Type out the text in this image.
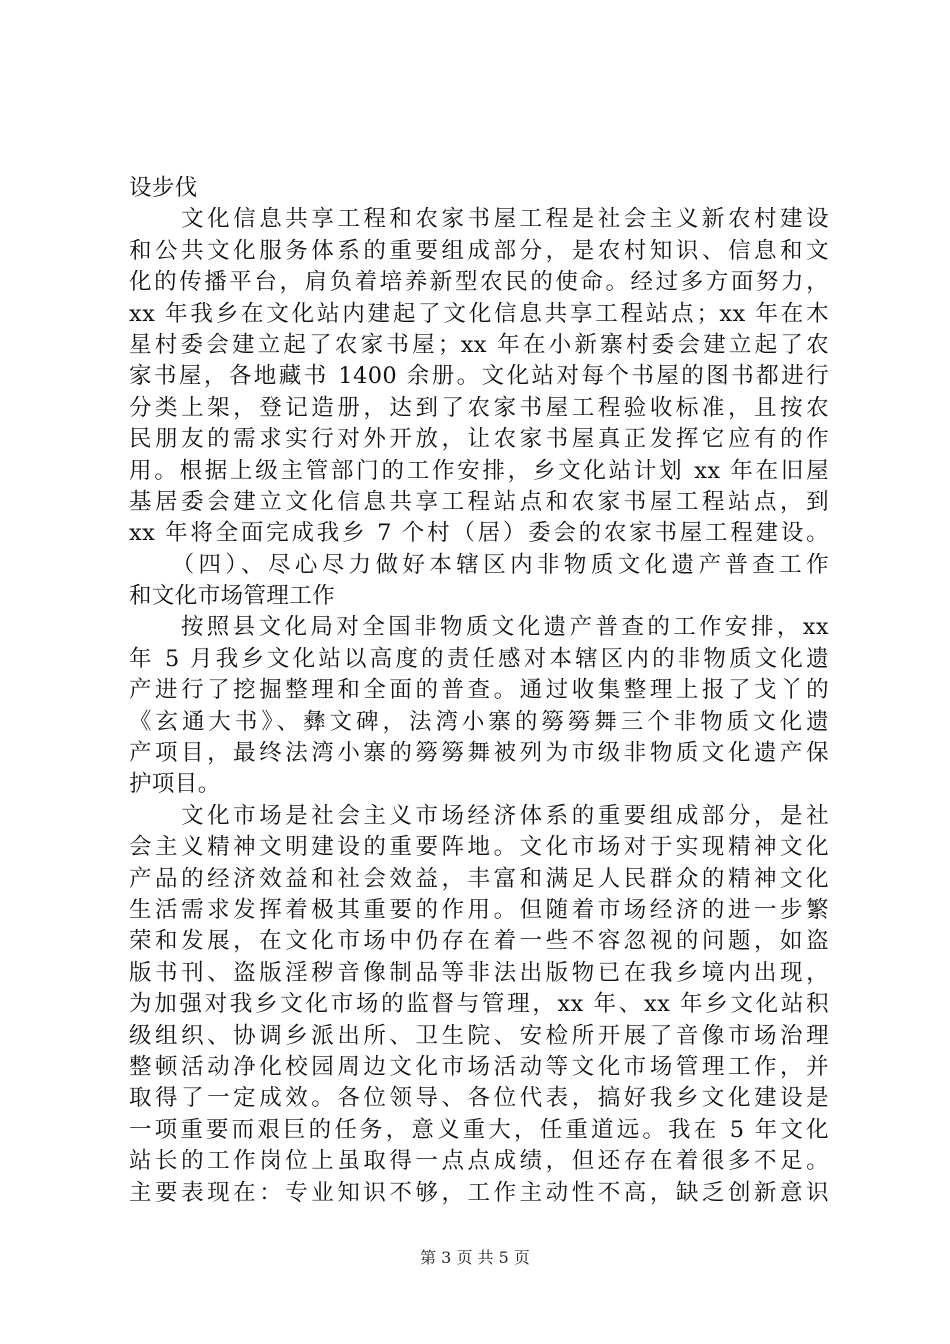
设步伐
　　文化信息共享工程和农家书屋工程是社会主义新农村建设
和公共文化服务体系的重要组成部分，是农村知识、信息和文
化的传播平台，肩负着培养新型农民的使命。经过多方面努力，
xx 年我乡在文化站内建起了文化信息共享工程站点；xx 年在木
星村委会建立起了农家书屋；xx 年在小新寨村委会建立起了农
家书屋，各地藏书 1400 余册。文化站对每个书屋的图书都进行
分类上架，登记造册，达到了农家书屋工程验收标准，且按农
民朋友的需求实行对外开放，让农家书屋真正发挥它应有的作
用。根据上级主管部门的工作安排，乡文化站计划 xx 年在旧屋
基居委会建立文化信息共享工程站点和农家书屋工程站点，到
xx 年将全面完成我乡 7 个村（居）委会的农家书屋工程建设。
　　（四）、尽心尽力做好本辖区内非物质文化遗产普查工作
和文化市场管理工作
　　按照县文化局对全国非物质文化遗产普查的工作安排，xx
年 5 月我乡文化站以高度的责任感对本辖区内的非物质文化遗
产进行了挖掘整理和全面的普查。通过收集整理上报了戈丫的
《玄通大书》、彝文碑，法湾小寨的簩簩舞三个非物质文化遗
产项目，最终法湾小寨的簩簩舞被列为市级非物质文化遗产保
护项目。
　　文化市场是社会主义市场经济体系的重要组成部分，是社
会主义精神文明建设的重要阵地。文化市场对于实现精神文化
产品的经济效益和社会效益，丰富和满足人民群众的精神文化
生活需求发挥着极其重要的作用。但随着市场经济的进一步繁
荣和发展，在文化市场中仍存在着一些不容忽视的问题，如盗
版书刊、盗版淫秽音像制品等非法出版物已在我乡境内出现，
为加强对我乡文化市场的监督与管理，xx 年、xx 年乡文化站积
级组织、协调乡派出所、卫生院、安检所开展了音像市场治理
整顿活动净化校园周边文化市场活动等文化市场管理工作，并
取得了一定成效。各位领导、各位代表，搞好我乡文化建设是
一项重要而艰巨的任务，意义重大，任重道远。我在 5 年文化
站长的工作岗位上虽取得一点点成绩，但还存在着很多不足。
主要表现在：专业知识不够，工作主动性不高，缺乏创新意识
第 3 页 共 5 页
